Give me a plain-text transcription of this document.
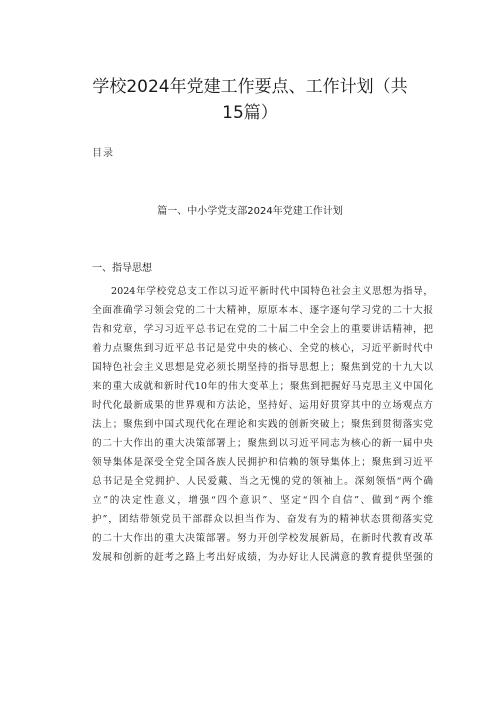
学校2024年党建工作要点、工作计划（共
15篇）
目录
篇一、中小学党支部2024年党建工作计划
一、指导思想
2024年学校党总支工作以习近平新时代中国特色社会主义思想为指导，
全面准确学习领会党的二十大精神，原原本本、逐字逐句学习党的二十大报
告和党章，学习习近平总书记在党的二十届二中全会上的重要讲话精神，把
着力点聚焦到习近平总书记是党中央的核心、全党的核心，习近平新时代中
国特色社会主义思想是党必须长期坚持的指导思想上；聚焦到党的十九大以
来的重大成就和新时代10年的伟大变革上；聚焦到把握好马克思主义中国化
时代化最新成果的世界观和方法论，坚持好、运用好贯穿其中的立场观点方
法上；聚焦到中国式现代化在理论和实践的创新突破上；聚焦到贯彻落实党
的二十大作出的重大决策部署上；聚焦到以习近平同志为核心的新一届中央
领导集体是深受全党全国各族人民拥护和信赖的领导集体上；聚焦到习近平
总书记是全党拥护、人民爱戴、当之无愧的党的领袖上。深刻领悟“两个确
立”的决定性意义，增强“四个意识”、坚定“四个自信”、做到“两个维
护”，团结带领党员干部群众以担当作为、奋发有为的精神状态贯彻落实党
的二十大作出的重大决策部署。努力开创学校发展新局，在新时代教育改革
发展和创新的赶考之路上考出好成绩，为办好让人民满意的教育提供坚强的
